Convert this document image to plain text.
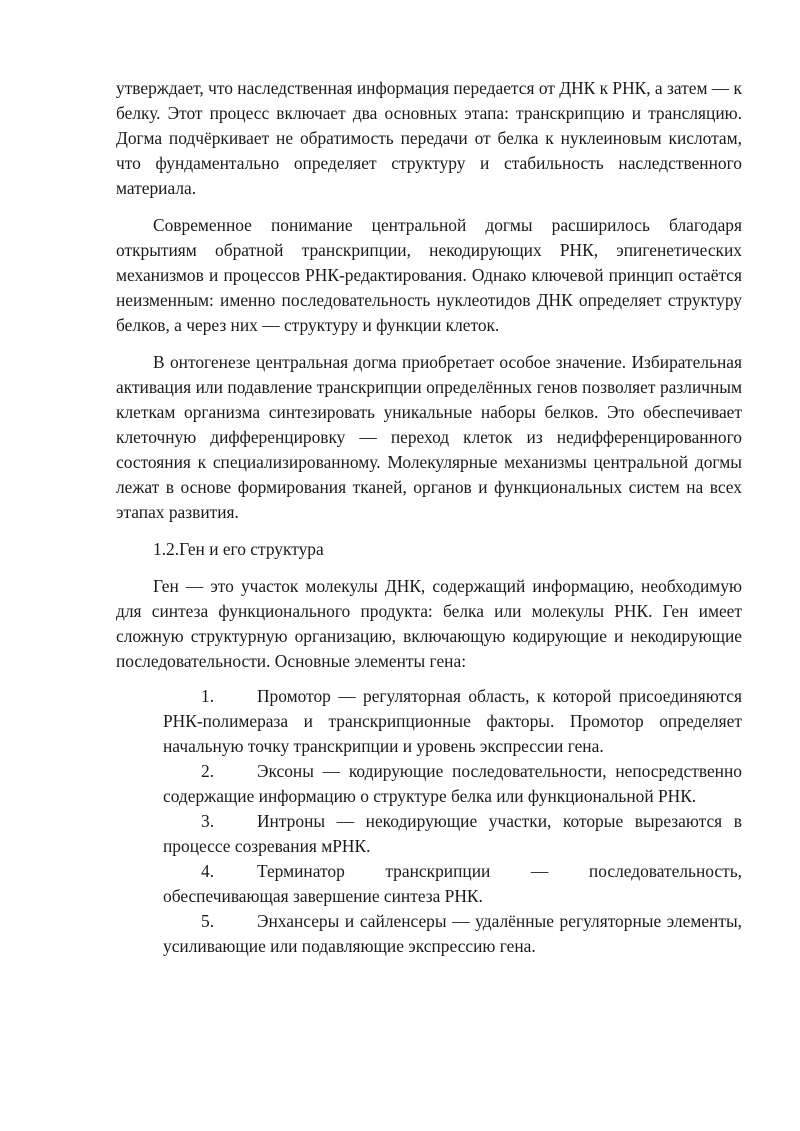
утверждает, что наследственная информация передается от ДНК к РНК, а затем — к белку. Этот процесс включает два основных этапа: транскрипцию и трансляцию. Догма подчёркивает не обратимость передачи от белка к нуклеиновым кислотам, что фундаментально определяет структуру и стабильность наследственного материала.

Современное понимание центральной догмы расширилось благодаря открытиям обратной транскрипции, некодирующих РНК, эпигенетических механизмов и процессов РНК-редактирования. Однако ключевой принцип остаётся неизменным: именно последовательность нуклеотидов ДНК определяет структуру белков, а через них — структуру и функции клеток.

В онтогенезе центральная догма приобретает особое значение. Избирательная активация или подавление транскрипции определённых генов позволяет различным клеткам организма синтезировать уникальные наборы белков. Это обеспечивает клеточную дифференцировку — переход клеток из недифференцированного состояния к специализированному. Молекулярные механизмы центральной догмы лежат в основе формирования тканей, органов и функциональных систем на всех этапах развития.

1.2.Ген и его структура

Ген — это участок молекулы ДНК, содержащий информацию, необходимую для синтеза функционального продукта: белка или молекулы РНК. Ген имеет сложную структурную организацию, включающую кодирующие и некодирующие последовательности. Основные элементы гена:

1. Промотор — регуляторная область, к которой присоединяются РНК-полимераза и транскрипционные факторы. Промотор определяет начальную точку транскрипции и уровень экспрессии гена.

2. Эксоны — кодирующие последовательности, непосредственно содержащие информацию о структуре белка или функциональной РНК.

3. Интроны — некодирующие участки, которые вырезаются в процессе созревания мРНК.

4. Терминатор транскрипции — последовательность, обеспечивающая завершение синтеза РНК.

5. Энхансеры и сайленсеры — удалённые регуляторные элементы, усиливающие или подавляющие экспрессию гена.
